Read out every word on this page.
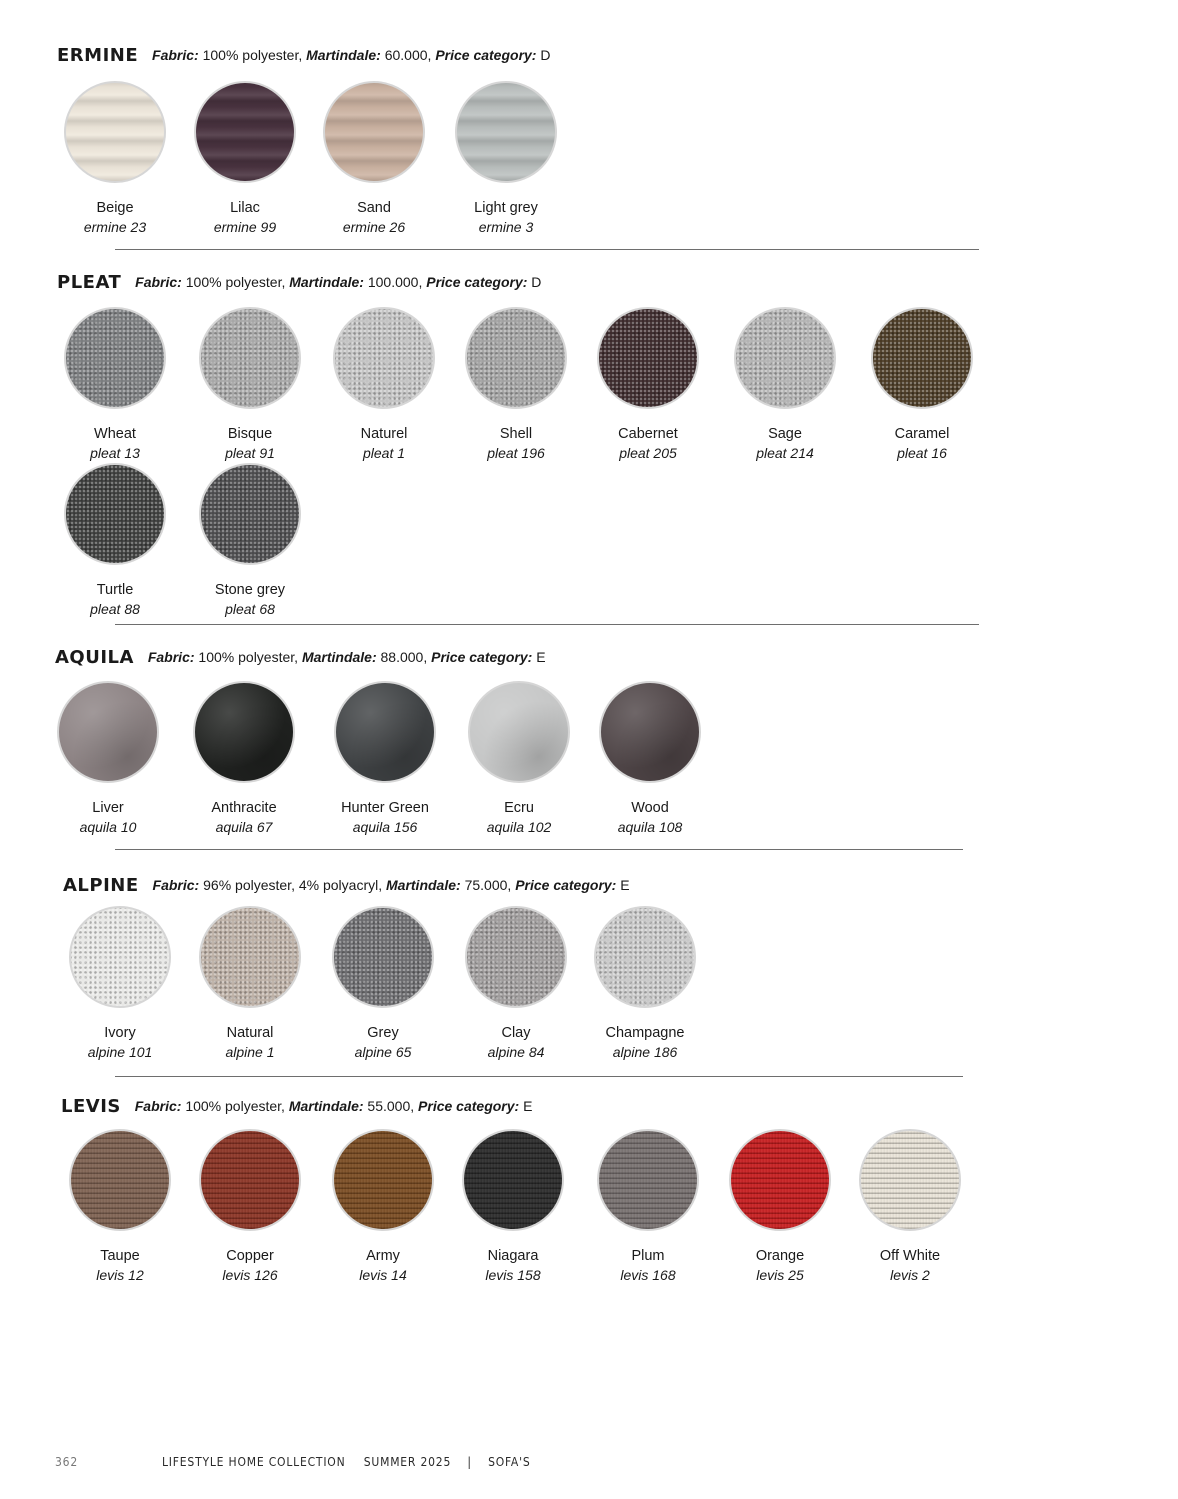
ERMINE Fabric: 100% polyester, Martindale: 60.000, Price category: D
Beige
ermine 23
Lilac
ermine 99
Sand
ermine 26
Light grey
ermine 3
PLEAT Fabric: 100% polyester, Martindale: 100.000, Price category: D
Wheat
pleat 13
Bisque
pleat 91
Naturel
pleat 1
Shell
pleat 196
Cabernet
pleat 205
Sage
pleat 214
Caramel
pleat 16
Turtle
pleat 88
Stone grey
pleat 68
AQUILA Fabric: 100% polyester, Martindale: 88.000, Price category: E
Liver
aquila 10
Anthracite
aquila 67
Hunter Green
aquila 156
Ecru
aquila 102
Wood
aquila 108
ALPINE Fabric: 96% polyester, 4% polyacryl, Martindale: 75.000, Price category: E
Ivory
alpine 101
Natural
alpine 1
Grey
alpine 65
Clay
alpine 84
Champagne
alpine 186
LEVIS Fabric: 100% polyester, Martindale: 55.000, Price category: E
Taupe
levis 12
Copper
levis 126
Army
levis 14
Niagara
levis 158
Plum
levis 168
Orange
levis 25
Off White
levis 2
362	LIFESTYLE HOME COLLECTION SUMMER 2025 | SOFA'S
